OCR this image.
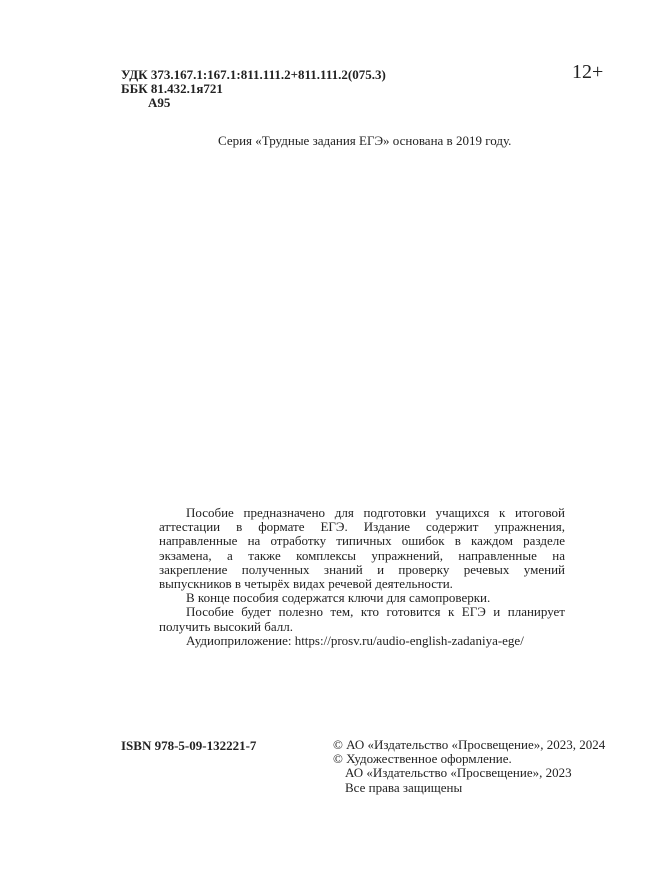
УДК 373.167.1:167.1:811.111.2+811.111.2(075.3)
ББК 81.432.1я721
А95
12+
Серия «Трудные задания ЕГЭ» основана в 2019 году.
Пособие предназначено для подготовки учащихся к итоговой
аттестации в формате ЕГЭ. Издание содержит упражнения,
направленные на отработку типичных ошибок в каждом разделе
экзамена, а также комплексы упражнений, направленные на
закрепление полученных знаний и проверку речевых умений
выпускников в четырёх видах речевой деятельности.
В конце пособия содержатся ключи для самопроверки.
Пособие будет полезно тем, кто готовится к ЕГЭ и планирует
получить высокий балл.
Аудиоприложение: https://prosv.ru/audio-english-zadaniya-ege/
ISBN 978-5-09-132221-7	© АО «Издательство «Просвещение», 2023, 2024
© Художественное оформление.
АО «Издательство «Просвещение», 2023
Все права защищены
